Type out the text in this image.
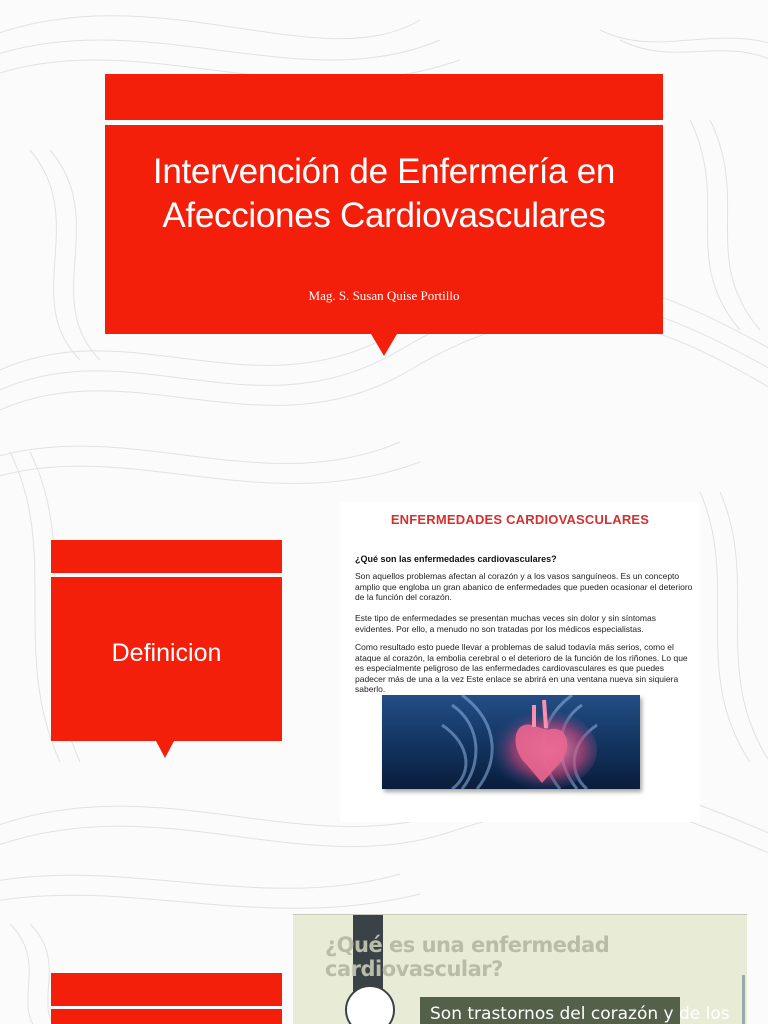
Intervención de Enfermería en
Afecciones Cardiovasculares
Mag. S. Susan Quise Portillo
Definicion
ENFERMEDADES CARDIOVASCULARES
¿Qué son las enfermedades cardiovasculares?

Son aquellos problemas afectan al corazón y a los vasos sanguíneos. Es un concepto amplio que engloba un gran abanico de enfermedades que pueden ocasionar el deterioro de la función del corazón.

Este tipo de enfermedades se presentan muchas veces sin dolor y sin síntomas evidentes. Por ello, a menudo no son tratadas por los médicos especialistas.

Como resultado esto puede llevar a problemas de salud todavía más serios, como el ataque al corazón, la embolia cerebral o el deterioro de la función de los riñones. Lo que es especialmente peligroso de las enfermedades cardiovasculares es que puedes padecer más de una a la vez Este enlace se abrirá en una ventana nueva sin siquiera saberlo.

¿Qué es una enfermedad cardiovascular?
Son trastornos del corazón y de los
